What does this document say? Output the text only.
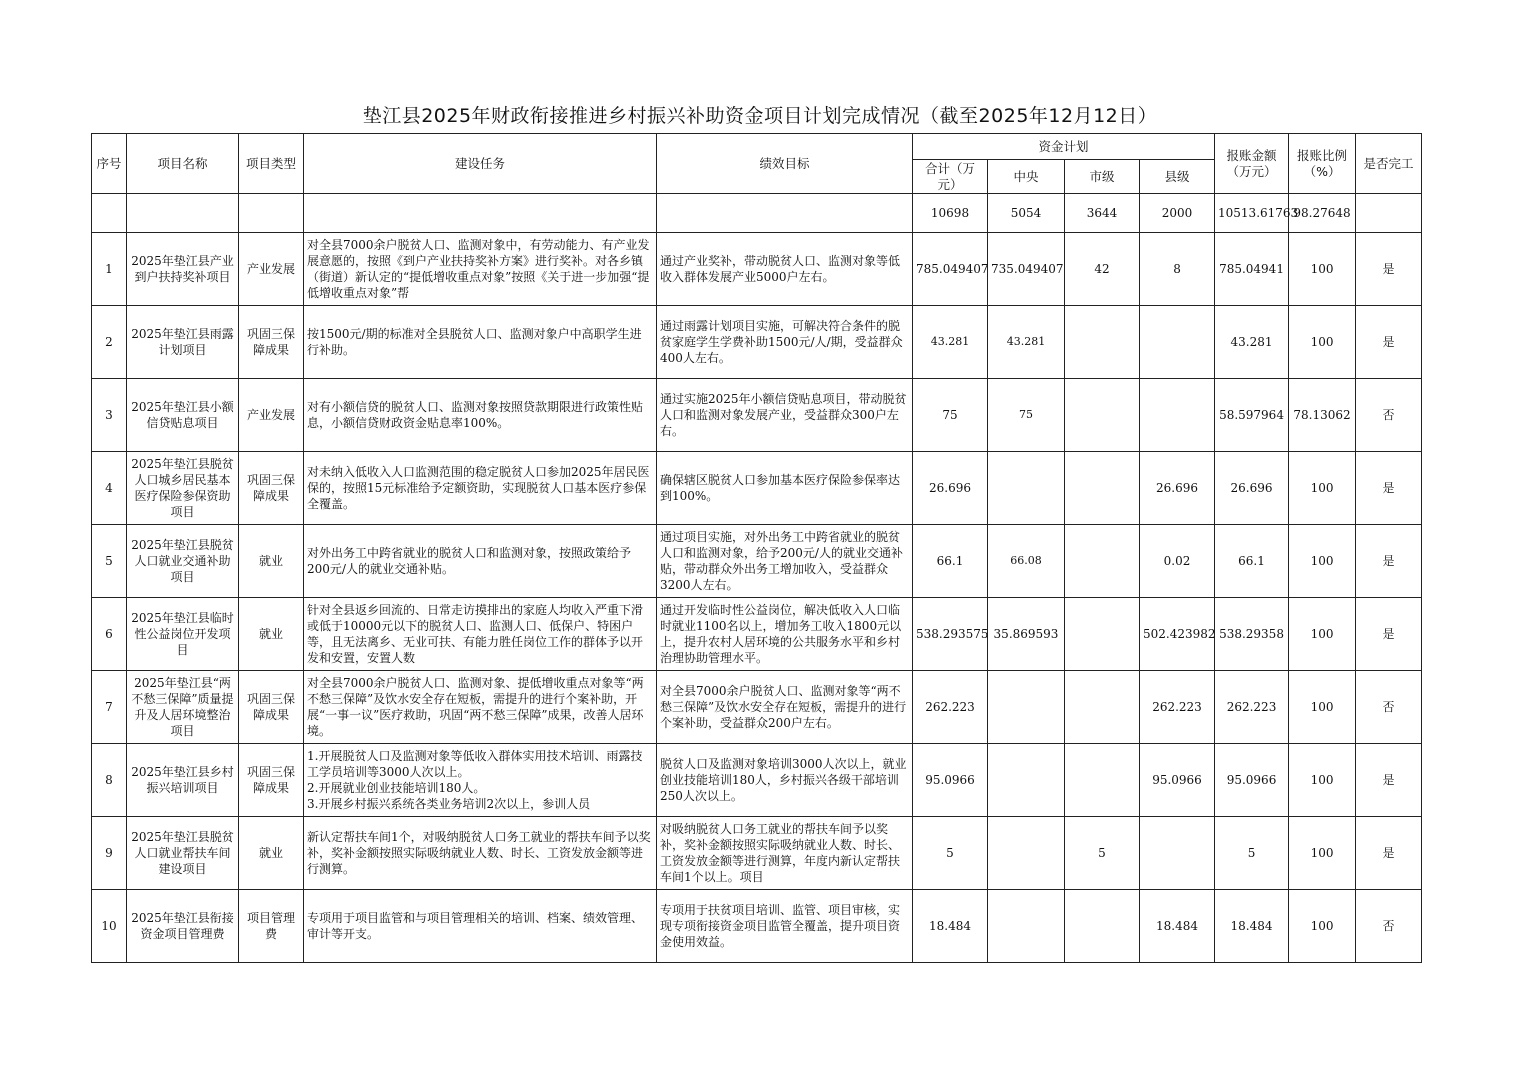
垫江县2025年财政衔接推进乡村振兴补助资金项目计划完成情况（截至2025年12月12日）
序号	项目名称	项目类型	建设任务	绩效目标	资金计划				报账金额（万元）	报账比例（%）	是否完工
					合计（万元）	中央	市级	县级			
					10698	5054	3644	2000	10513.61763	98.27648	
1	2025年垫江县产业到户扶持奖补项目	产业发展	对全县7000余户脱贫人口、监测对象中，有劳动能力、有产业发展意愿的，按照《到户产业扶持奖补方案》进行奖补。对各乡镇（街道）新认定的“提低增收重点对象”按照《关于进一步加强“提低增收重点对象”帮	通过产业奖补，带动脱贫人口、监测对象等低收入群体发展产业5000户左右。	785.049407	735.049407	42	8	785.04941	100	是
2	2025年垫江县雨露计划项目	巩固三保障成果	按1500元/期的标准对全县脱贫人口、监测对象户中高职学生进行补助。	通过雨露计划项目实施，可解决符合条件的脱贫家庭学生学费补助1500元/人/期，受益群众400人左右。	43.281	43.281			43.281	100	是
3	2025年垫江县小额信贷贴息项目	产业发展	对有小额信贷的脱贫人口、监测对象按照贷款期限进行政策性贴息，小额信贷财政资金贴息率100%。	通过实施2025年小额信贷贴息项目，带动脱贫人口和监测对象发展产业，受益群众300户左右。	75	75			58.597964	78.13062	否
4	2025年垫江县脱贫人口城乡居民基本医疗保险参保资助项目	巩固三保障成果	对未纳入低收入人口监测范围的稳定脱贫人口参加2025年居民医保的，按照15元标准给予定额资助，实现脱贫人口基本医疗参保全覆盖。	确保辖区脱贫人口参加基本医疗保险参保率达到100%。	26.696			26.696	26.696	100	是
5	2025年垫江县脱贫人口就业交通补助项目	就业	对外出务工中跨省就业的脱贫人口和监测对象，按照政策给予200元/人的就业交通补贴。	通过项目实施，对外出务工中跨省就业的脱贫人口和监测对象，给予200元/人的就业交通补贴，带动群众外出务工增加收入，受益群众3200人左右。	66.1	66.08		0.02	66.1	100	是
6	2025年垫江县临时性公益岗位开发项目	就业	针对全县返乡回流的、日常走访摸排出的家庭人均收入严重下滑或低于10000元以下的脱贫人口、监测人口、低保户、特困户等，且无法离乡、无业可扶、有能力胜任岗位工作的群体予以开发和安置，安置人数	通过开发临时性公益岗位，解决低收入人口临时就业1100名以上，增加务工收入1800元以上，提升农村人居环境的公共服务水平和乡村治理协助管理水平。	538.293575	35.869593		502.423982	538.29358	100	是
7	2025年垫江县“两不愁三保障”质量提升及人居环境整治项目	巩固三保障成果	对全县7000余户脱贫人口、监测对象、提低增收重点对象等“两不愁三保障”及饮水安全存在短板，需提升的进行个案补助，开展“一事一议”医疗救助，巩固“两不愁三保障”成果，改善人居环境。	对全县7000余户脱贫人口、监测对象等“两不愁三保障”及饮水安全存在短板，需提升的进行个案补助，受益群众200户左右。	262.223			262.223	262.223	100	否
8	2025年垫江县乡村振兴培训项目	巩固三保障成果	1.开展脱贫人口及监测对象等低收入群体实用技术培训、雨露技工学员培训等3000人次以上。
2.开展就业创业技能培训180人。
3.开展乡村振兴系统各类业务培训2次以上，参训人员	脱贫人口及监测对象培训3000人次以上，就业创业技能培训180人，乡村振兴各级干部培训250人次以上。	95.0966			95.0966	95.0966	100	是
9	2025年垫江县脱贫人口就业帮扶车间建设项目	就业	新认定帮扶车间1个，对吸纳脱贫人口务工就业的帮扶车间予以奖补，奖补金额按照实际吸纳就业人数、时长、工资发放金额等进行测算。	对吸纳脱贫人口务工就业的帮扶车间予以奖补，奖补金额按照实际吸纳就业人数、时长、工资发放金额等进行测算，年度内新认定帮扶车间1个以上。项目	5		5		5	100	是
10	2025年垫江县衔接资金项目管理费	项目管理费	专项用于项目监管和与项目管理相关的培训、档案、绩效管理、审计等开支。	专项用于扶贫项目培训、监管、项目审核，实现专项衔接资金项目监管全覆盖，提升项目资金使用效益。	18.484			18.484	18.484	100	否
